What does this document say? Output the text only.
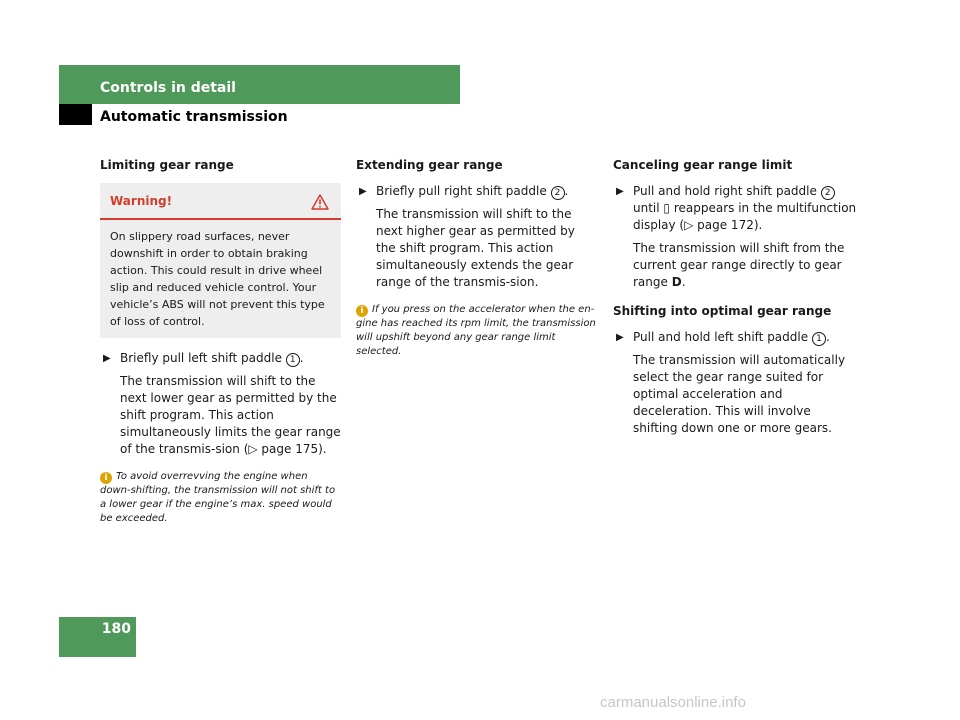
Controls in detail
Automatic transmission

Limiting gear range

Warning!
On slippery road surfaces, never downshift in order to obtain braking action. This could result in drive wheel slip and reduced vehicle control. Your vehicle’s ABS will not prevent this type of loss of control.

▶ Briefly pull left shift paddle 1 .

The transmission will shift to the next lower gear as permitted by the shift program. This action simultaneously limits the gear range of the transmis-sion (▷ page 175).

i To avoid overrevving the engine when down-shifting, the transmission will not shift to a lower gear if the engine’s max. speed would be exceeded.

Extending gear range

▶ Briefly pull right shift paddle 2 .

The transmission will shift to the next higher gear as permitted by the shift program. This action simultaneously extends the gear range of the transmis-sion.

i If you press on the accelerator when the en-gine has reached its rpm limit, the transmission will upshift beyond any gear range limit selected.

Canceling gear range limit

▶ Pull and hold right shift paddle 2
until ▯ reappears in the multifunction display (▷ page 172).

The transmission will shift from the current gear range directly to gear range D.

Shifting into optimal gear range

▶ Pull and hold left shift paddle 1 .

The transmission will automatically select the gear range suited for optimal acceleration and deceleration. This will involve shifting down one or more gears.

180
carmanualsonline.info
